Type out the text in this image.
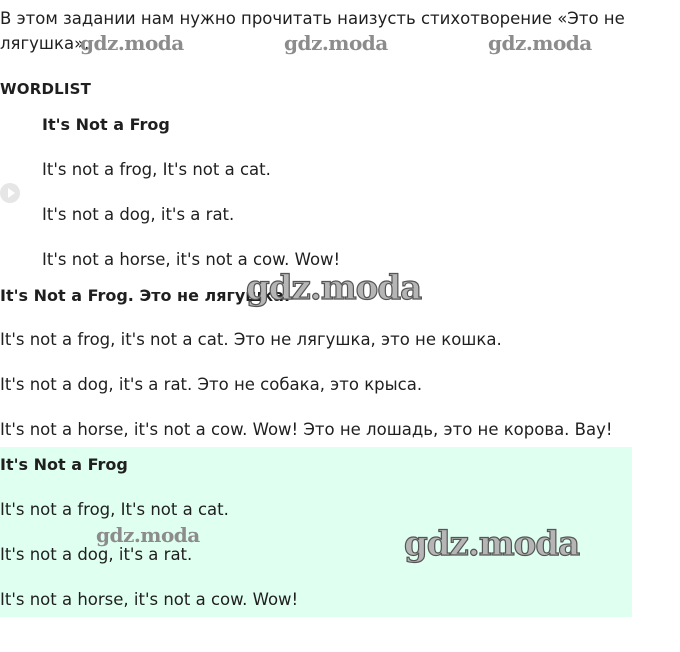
В этом задании нам нужно прочитать наизусть стихотворение «Это не лягушка».
WORDLIST
It's Not a Frog
It's not a frog, It's not a cat.
It's not a dog, it's a rat.
It's not a horse, it's not a cow. Wow!
It's Not a Frog. Это не лягушка.
It's not a frog, it's not a cat. Это не лягушка, это не кошка.
It's not a dog, it's a rat. Это не собака, это крыса.
It's not a horse, it's not a cow. Wow! Это не лошадь, это не корова. Вау!
It's Not a Frog
It's not a frog, It's not a cat.
It's not a dog, it's a rat.
It's not a horse, it's not a cow. Wow!
gdz.moda	gdz.moda	gdz.moda
gdz.moda
gdz.moda	gdz.moda
